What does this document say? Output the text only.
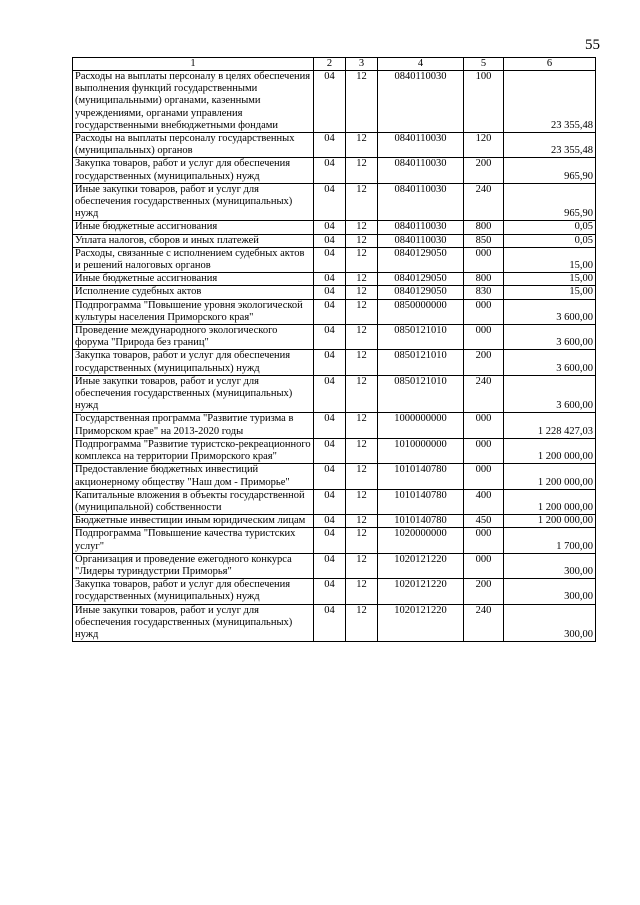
55
1	2	3	4	5	6
Расходы на выплаты персоналу в целях обеспечения выполнения функций государственными (муниципальными) органами, казенными учреждениями, органами управления государственными внебюджетными фондами	04	12	0840110030	100	23 355,48
Расходы на выплаты персоналу государственных (муниципальных) органов	04	12	0840110030	120	23 355,48
Закупка товаров, работ и услуг для обеспечения государственных (муниципальных) нужд	04	12	0840110030	200	965,90
Иные закупки товаров, работ и услуг для обеспечения государственных (муниципальных) нужд	04	12	0840110030	240	965,90
Иные бюджетные ассигнования	04	12	0840110030	800	0,05
Уплата налогов, сборов и иных платежей	04	12	0840110030	850	0,05
Расходы, связанные с исполнением судебных актов и решений налоговых органов	04	12	0840129050	000	15,00
Иные бюджетные ассигнования	04	12	0840129050	800	15,00
Исполнение судебных актов	04	12	0840129050	830	15,00
Подпрограмма "Повышение уровня экологической культуры населения Приморского края"	04	12	0850000000	000	3 600,00
Проведение международного экологического форума "Природа без границ"	04	12	0850121010	000	3 600,00
Закупка товаров, работ и услуг для обеспечения государственных (муниципальных) нужд	04	12	0850121010	200	3 600,00
Иные закупки товаров, работ и услуг для обеспечения государственных (муниципальных) нужд	04	12	0850121010	240	3 600,00
Государственная программа "Развитие туризма в Приморском крае" на 2013-2020 годы	04	12	1000000000	000	1 228 427,03
Подпрограмма "Развитие туристско-рекреационного комплекса на территории Приморского края"	04	12	1010000000	000	1 200 000,00
Предоставление бюджетных инвестиций акционерному обществу "Наш дом - Приморье"	04	12	1010140780	000	1 200 000,00
Капитальные вложения в объекты государственной (муниципальной) собственности	04	12	1010140780	400	1 200 000,00
Бюджетные инвестиции иным юридическим лицам	04	12	1010140780	450	1 200 000,00
Подпрограмма "Повышение качества туристских услуг"	04	12	1020000000	000	1 700,00
Организация и проведение ежегодного конкурса "Лидеры туриндустрии Приморья"	04	12	1020121220	000	300,00
Закупка товаров, работ и услуг для обеспечения государственных (муниципальных) нужд	04	12	1020121220	200	300,00
Иные закупки товаров, работ и услуг для обеспечения государственных (муниципальных) нужд	04	12	1020121220	240	300,00
